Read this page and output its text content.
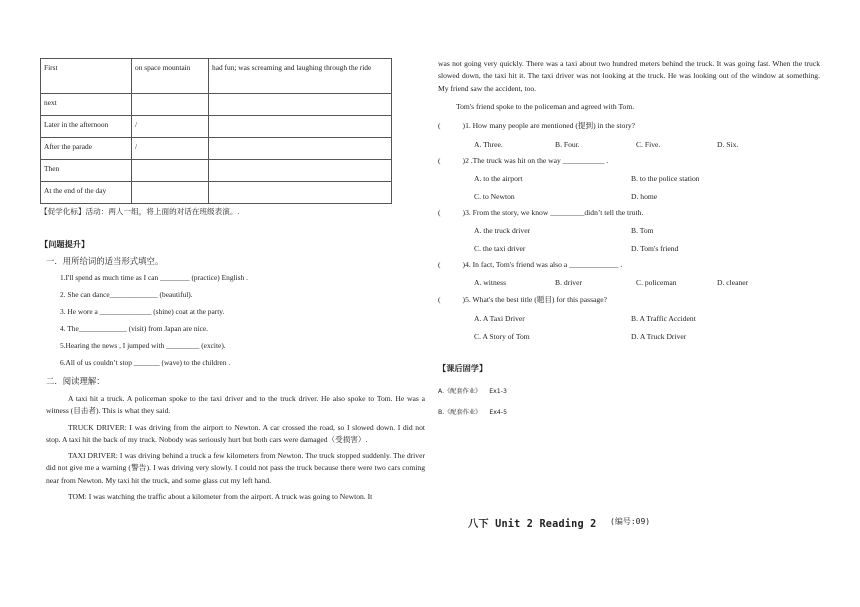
First	on space mountain	had fun; was screaming and laughing through the ride
next		
Later in the afternoon	/	
After the parade	/	
Then		
At the end of the day		
【促学化标】活动：两人一组，将上面的对话在班级表演。.
【问题提升】
一．用所给词的适当形式填空。
1.I'll spend as much time as I can ________ (practice) English .
2. She can dance_____________ (beautiful).
3. He wore a ______________ (shine) coat at the party.
4. The_____________ (visit) from Japan are nice.
5.Hearing the news , I jumped with _________ (excite).
6.All of us couldn’t stop _______ (wave) to the children .
二．阅读理解：

A taxi hit a truck. A policeman spoke to the taxi driver and to the truck driver. He also spoke to Tom. He was a witness (目击者). This is what they said.

TRUCK DRIVER: I was driving from the airport to Newton. A car crossed the road, so I slowed down. I did not stop. A taxi hit the back of my truck. Nobody was seriously hurt but both cars were damaged（受损害）.

TAXI DRIVER: I was driving behind a truck a few kilometers from Newton. The truck stopped suddenly. The driver did not give me a warning (警告). I was driving very slowly. I could not pass the truck because there were two cars coming near from Newton. My taxi hit the truck, and some glass cut my left hand.

TOM: I was watching the traffic about a kilometer from the airport. A truck was going to Newton. It

was not going very quickly. There was a taxi about two hundred meters behind the truck. It was going fast. When the truck slowed down, the taxi hit it. The taxi driver was not looking at the truck. He was looking out of the window at something. My friend saw the accident, too.

Tom's friend spoke to the policeman and agreed with Tom.

(	)1. How many people are mentioned (提到) in the story?
A. Three.	B. Four.	C. Five.	D. Six.
(	)2 .The truck was hit on the way ___________ .
A. to the airport	B. to the police station
C. to Newton	D. home
(	)3. From the story, we know _________didn’t tell the truth.
A. the truck driver	B. Tom
C. the taxi driver	D. Tom's friend
(	)4. In fact, Tom's friend was also a _____________ .
A. witness	B. driver	C. policeman	D. cleaner
(	)5. What's the best title (题目) for this passage?
A. A Taxi Driver	B. A Traffic Accident
C. A Story of Tom	D. A Truck Driver
【课后固学】
A.《配套作业》 Ex1-3
B.《配套作业》 Ex4-5
八下 Unit 2 Reading 2 (编号:09)
